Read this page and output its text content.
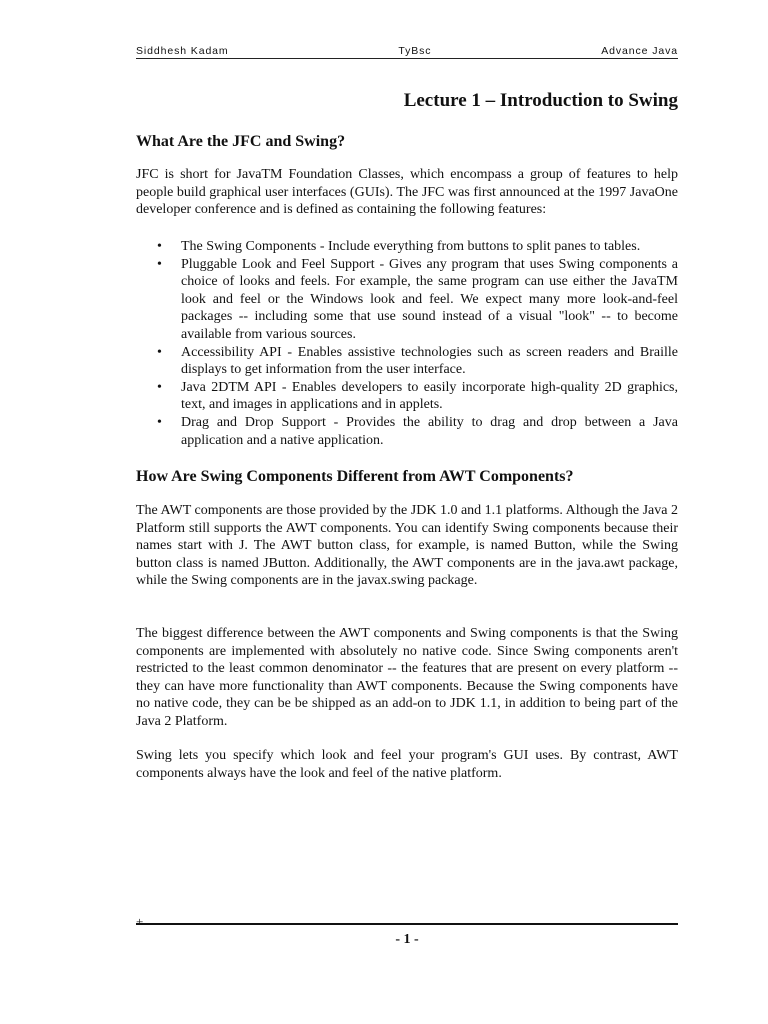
Siddhesh Kadam	TyBsc	Advance Java
Lecture 1 – Introduction to Swing
What Are the JFC and Swing?

JFC is short for JavaTM Foundation Classes, which encompass a group of features to help people build graphical user interfaces (GUIs). The JFC was first announced at the 1997 JavaOne developer conference and is defined as containing the following features:

• The Swing Components - Include everything from buttons to split panes to tables.
• Pluggable Look and Feel Support - Gives any program that uses Swing components a choice of looks and feels. For example, the same program can use either the JavaTM look and feel or the Windows look and feel. We expect many more look-and-feel packages -- including some that use sound instead of a visual "look" -- to become available from various sources.
• Accessibility API - Enables assistive technologies such as screen readers and Braille displays to get information from the user interface.
• Java 2DTM API - Enables developers to easily incorporate high-quality 2D graphics, text, and images in applications and in applets.
• Drag and Drop Support - Provides the ability to drag and drop between a Java application and a native application.
How Are Swing Components Different from AWT Components?

The AWT components are those provided by the JDK 1.0 and 1.1 platforms. Although the Java 2 Platform still supports the AWT components. You can identify Swing components because their names start with J. The AWT button class, for example, is named Button, while the Swing button class is named JButton. Additionally, the AWT components are in the java.awt package, while the Swing components are in the javax.swing package.

The biggest difference between the AWT components and Swing components is that the Swing components are implemented with absolutely no native code. Since Swing components aren't restricted to the least common denominator -- the features that are present on every platform -- they can have more functionality than AWT components. Because the Swing components have no native code, they can be be shipped as an add-on to JDK 1.1, in addition to being part of the Java 2 Platform.

Swing lets you specify which look and feel your program's GUI uses. By contrast, AWT components always have the look and feel of the native platform.

+
- 1 -
